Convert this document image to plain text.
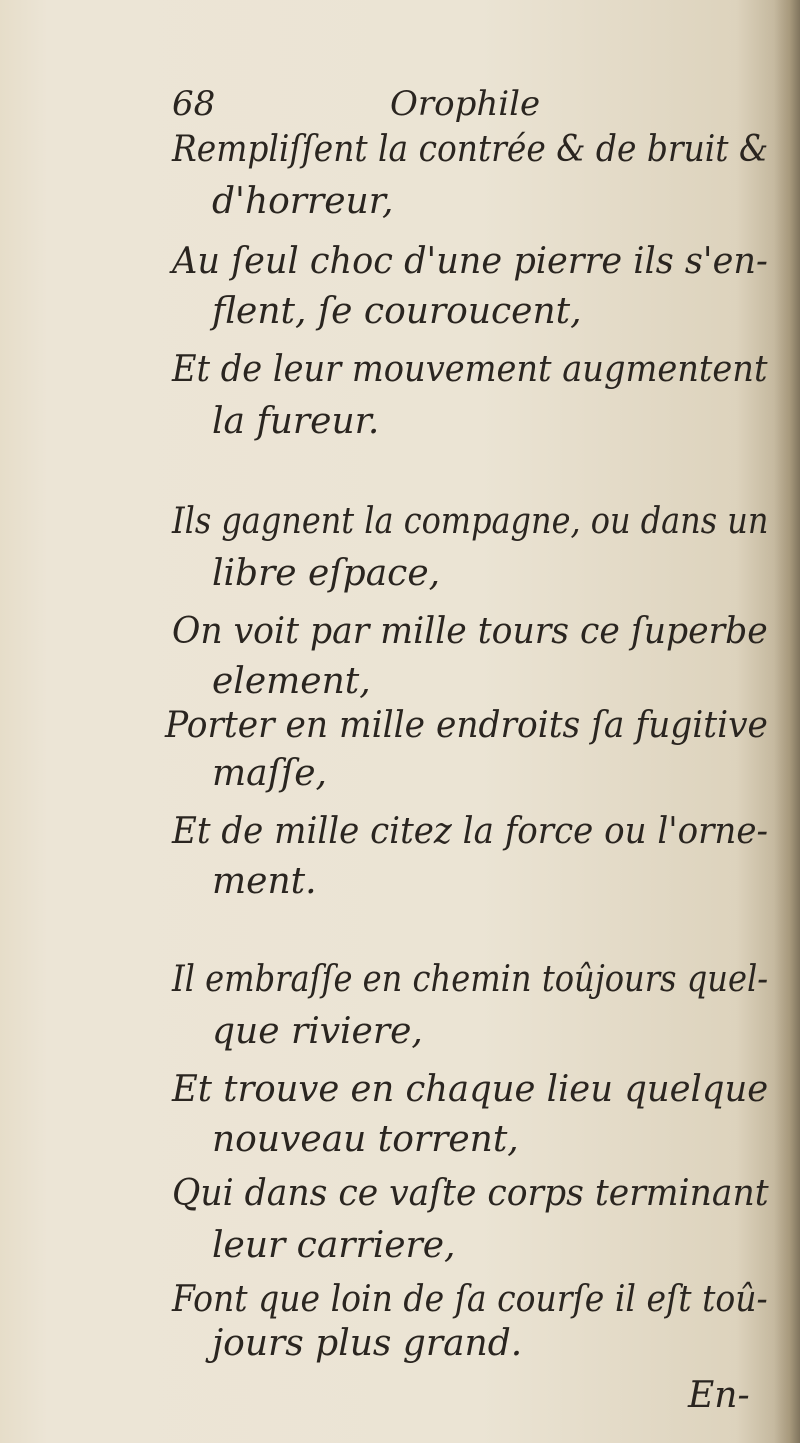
68	Orophile
Rempliſſent la contrée & de bruit &
d'horreur,
Au ſeul choc d'une pierre ils s'en-
flent, ſe couroucent,
Et de leur mouvement augmentent
la fureur.
Ils gagnent la compagne, ou dans un
libre eſpace,
On voit par mille tours ce ſuperbe
element,
Porter en mille endroits ſa fugitive
maſſe,
Et de mille citez la force ou l'orne-
ment.
Il embraſſe en chemin toûjours quel-
que riviere,
Et trouve en chaque lieu quelque
nouveau torrent,
Qui dans ce vaſte corps terminant
leur carriere,
Font que loin de ſa courſe il eſt toû-
jours plus grand.
En-
